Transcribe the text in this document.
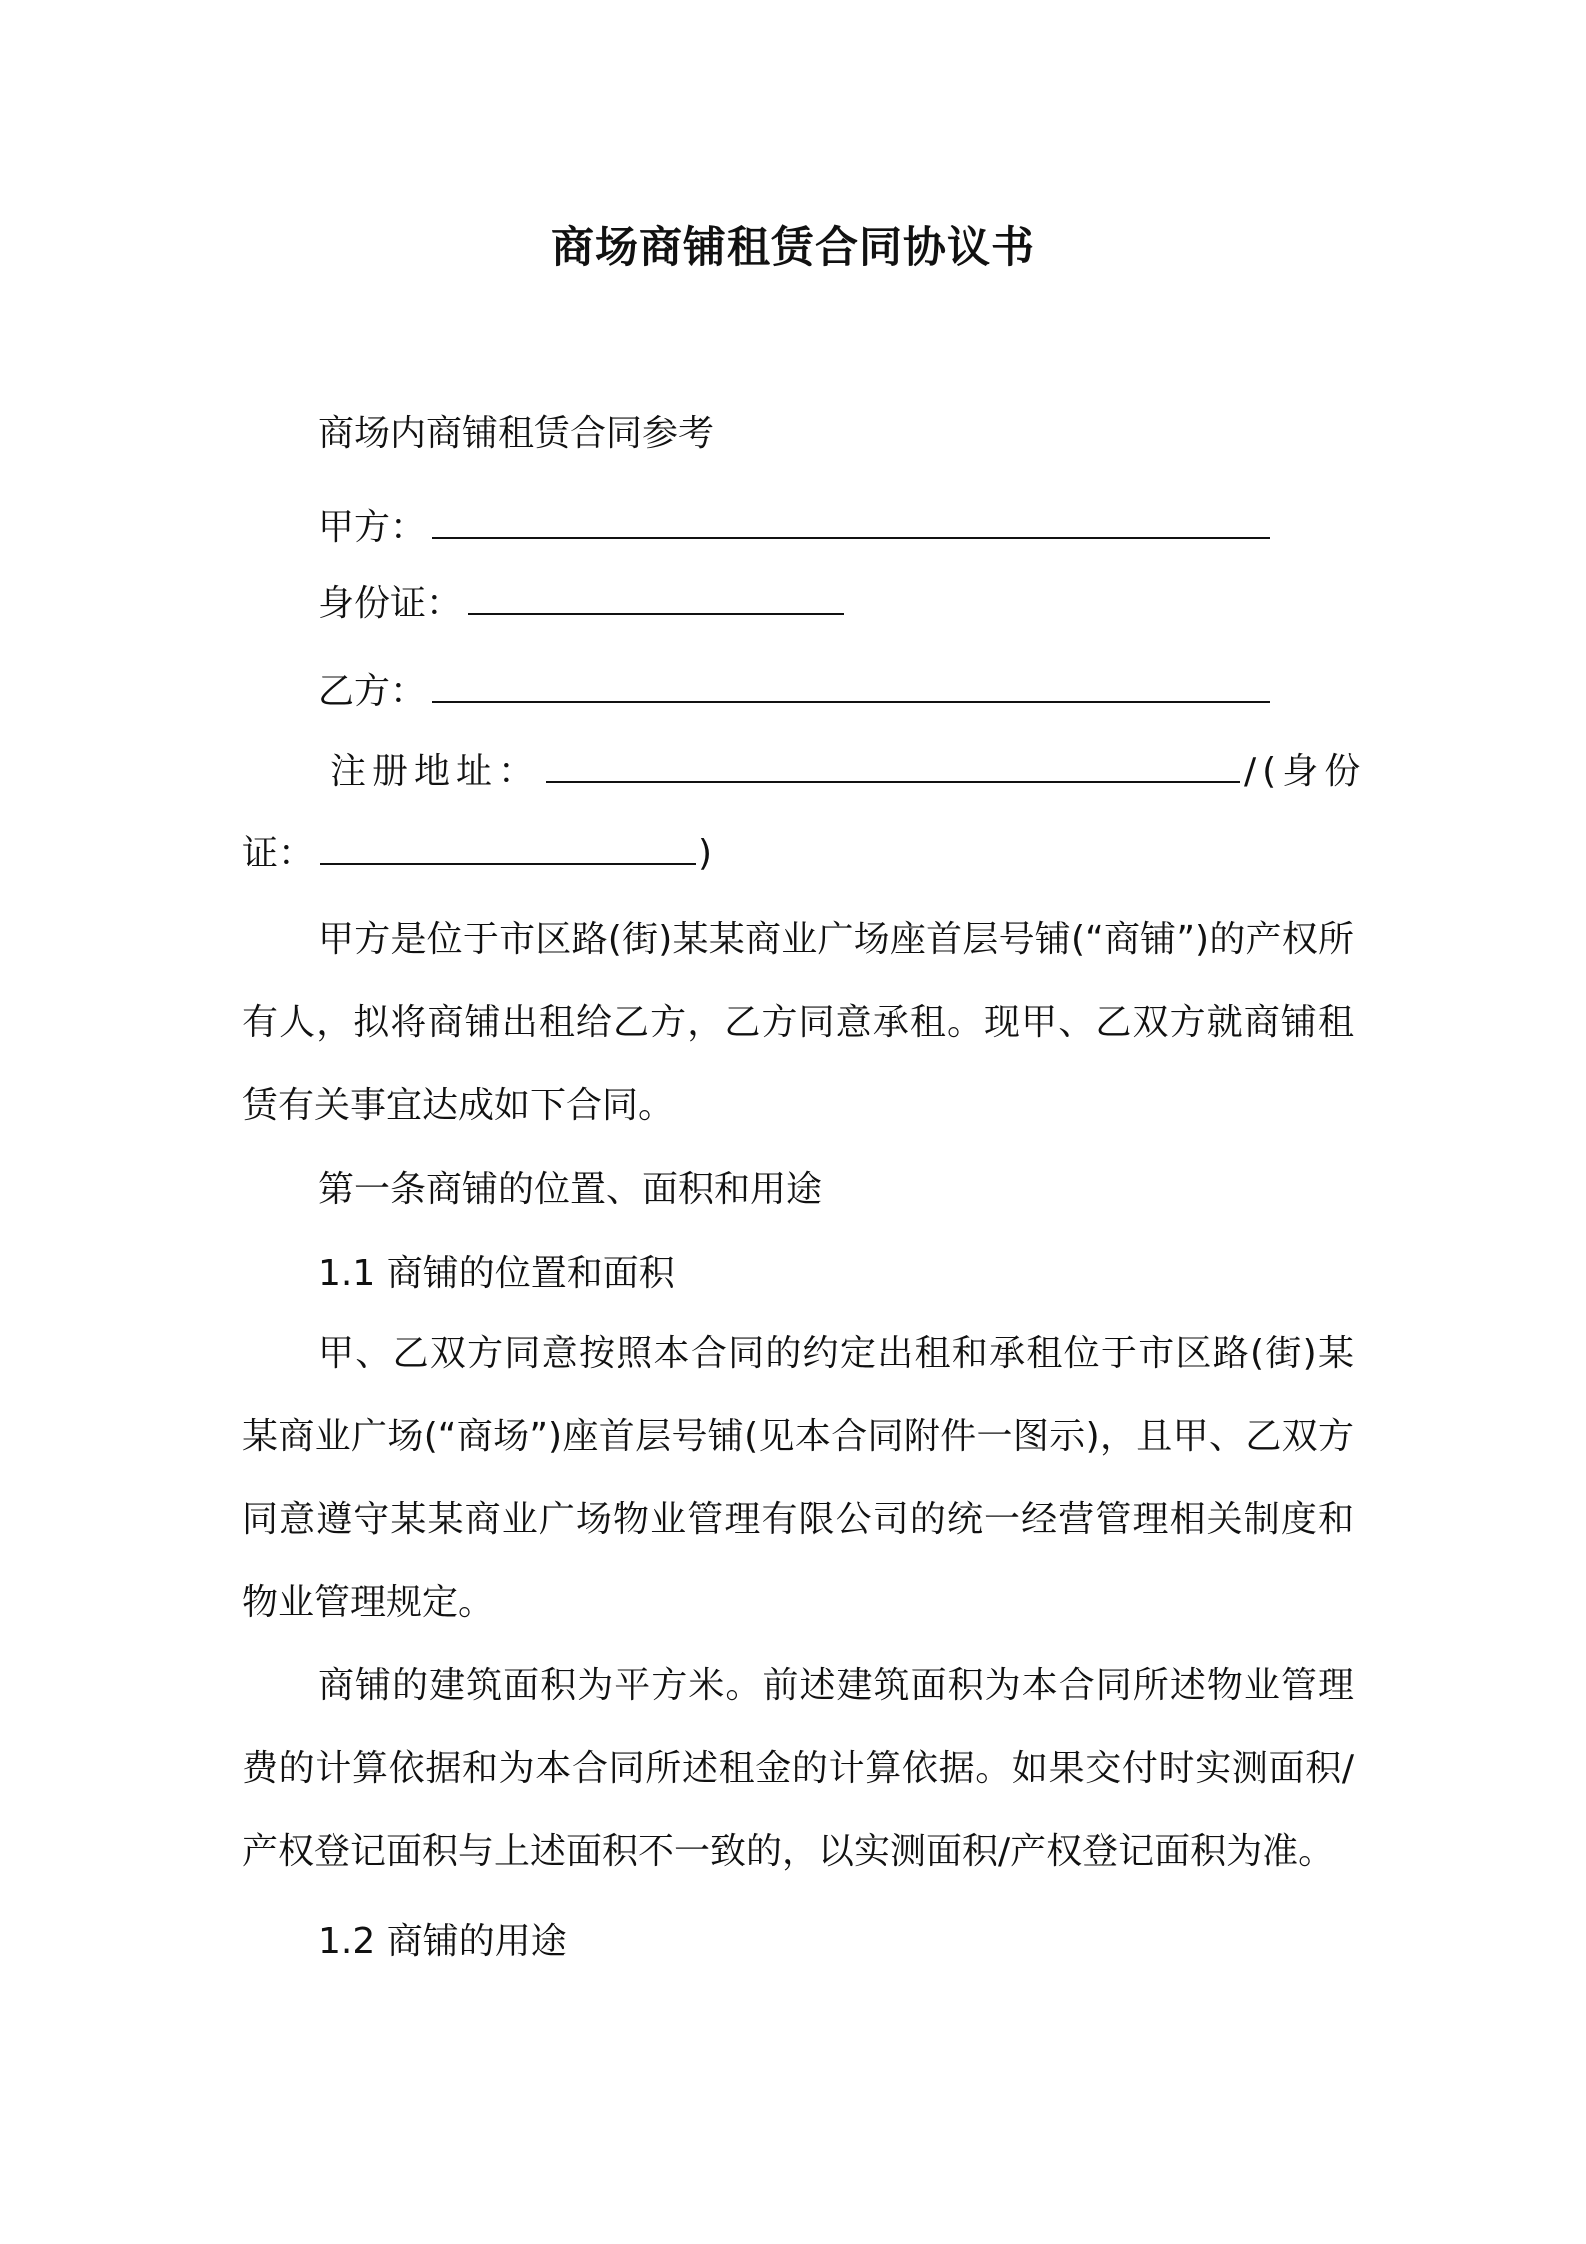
商场商铺租赁合同协议书
商场内商铺租赁合同参考
甲方：
身份证：
乙方：
注册地址：	/(身份
证：	)
甲方是位于市区路(街)某某商业广场座首层号铺(“商铺”)的产权所有人，拟将商铺出租给乙方，乙方同意承租。现甲、乙双方就商铺租赁有关事宜达成如下合同。
第一条商铺的位置、面积和用途
1.1 商铺的位置和面积
甲、乙双方同意按照本合同的约定出租和承租位于市区路(街)某某商业广场(“商场”)座首层号铺(见本合同附件一图示)，且甲、乙双方同意遵守某某商业广场物业管理有限公司的统一经营管理相关制度和物业管理规定。
商铺的建筑面积为平方米。前述建筑面积为本合同所述物业管理费的计算依据和为本合同所述租金的计算依据。如果交付时实测面积/产权登记面积与上述面积不一致的，以实测面积/产权登记面积为准。
1.2 商铺的用途
